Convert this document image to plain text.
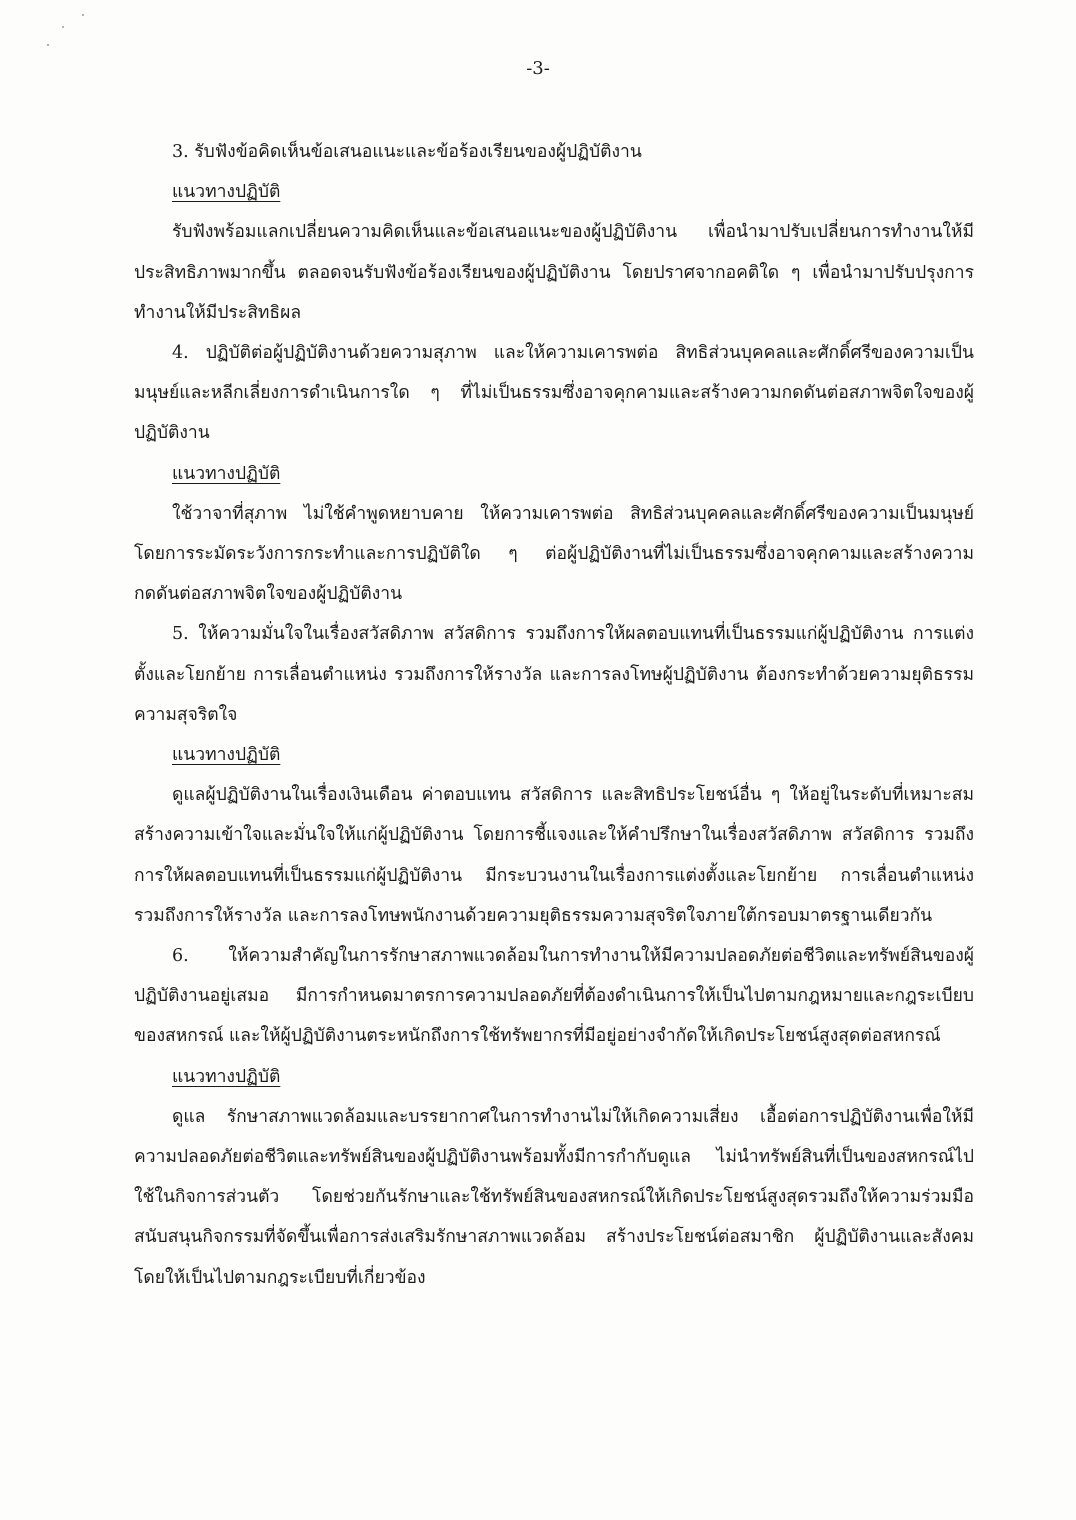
-3-

3. รับฟังข้อคิดเห็นข้อเสนอแนะและข้อร้องเรียนของผู้ปฏิบัติงาน

แนวทางปฏิบัติ

รับฟังพร้อมแลกเปลี่ยนความคิดเห็นและข้อเสนอแนะของผู้ปฏิบัติงาน เพื่อนำมาปรับเปลี่ยนการทำงานให้มีประสิทธิภาพมากขึ้น ตลอดจนรับฟังข้อร้องเรียนของผู้ปฏิบัติงาน โดยปราศจากอคติใด ๆ เพื่อนำมาปรับปรุงการทำงานให้มีประสิทธิผล

4. ปฏิบัติต่อผู้ปฏิบัติงานด้วยความสุภาพ และให้ความเคารพต่อ สิทธิส่วนบุคคลและศักดิ์ศรีของความเป็นมนุษย์และหลีกเลี่ยงการดำเนินการใด ๆ ที่ไม่เป็นธรรมซึ่งอาจคุกคามและสร้างความกดดันต่อสภาพจิตใจของผู้ปฏิบัติงาน

แนวทางปฏิบัติ

ใช้วาจาที่สุภาพ ไม่ใช้คำพูดหยาบคาย ให้ความเคารพต่อ สิทธิส่วนบุคคลและศักดิ์ศรีของความเป็นมนุษย์ โดยการระมัดระวังการกระทำและการปฏิบัติใด ๆ ต่อผู้ปฏิบัติงานที่ไม่เป็นธรรมซึ่งอาจคุกคามและสร้างความกดดันต่อสภาพจิตใจของผู้ปฏิบัติงาน

5. ให้ความมั่นใจในเรื่องสวัสดิภาพ สวัสดิการ รวมถึงการให้ผลตอบแทนที่เป็นธรรมแก่ผู้ปฏิบัติงาน การแต่งตั้งและโยกย้าย การเลื่อนตำแหน่ง รวมถึงการให้รางวัล และการลงโทษผู้ปฏิบัติงาน ต้องกระทำด้วยความยุติธรรม ความสุจริตใจ

แนวทางปฏิบัติ

ดูแลผู้ปฏิบัติงานในเรื่องเงินเดือน ค่าตอบแทน สวัสดิการ และสิทธิประโยชน์อื่น ๆ ให้อยู่ในระดับที่เหมาะสม สร้างความเข้าใจและมั่นใจให้แก่ผู้ปฏิบัติงาน โดยการชี้แจงและให้คำปรึกษาในเรื่องสวัสดิภาพ สวัสดิการ รวมถึงการให้ผลตอบแทนที่เป็นธรรมแก่ผู้ปฏิบัติงาน มีกระบวนงานในเรื่องการแต่งตั้งและโยกย้าย การเลื่อนตำแหน่ง รวมถึงการให้รางวัล และการลงโทษพนักงานด้วยความยุติธรรมความสุจริตใจภายใต้กรอบมาตรฐานเดียวกัน

6. ให้ความสำคัญในการรักษาสภาพแวดล้อมในการทำงานให้มีความปลอดภัยต่อชีวิตและทรัพย์สินของผู้ปฏิบัติงานอยู่เสมอ มีการกำหนดมาตรการความปลอดภัยที่ต้องดำเนินการให้เป็นไปตามกฎหมายและกฎระเบียบของสหกรณ์ และให้ผู้ปฏิบัติงานตระหนักถึงการใช้ทรัพยากรที่มีอยู่อย่างจำกัดให้เกิดประโยชน์สูงสุดต่อสหกรณ์

แนวทางปฏิบัติ

ดูแล รักษาสภาพแวดล้อมและบรรยากาศในการทำงานไม่ให้เกิดความเสี่ยง เอื้อต่อการปฏิบัติงานเพื่อให้มีความปลอดภัยต่อชีวิตและทรัพย์สินของผู้ปฏิบัติงานพร้อมทั้งมีการกำกับดูแล ไม่นำทรัพย์สินที่เป็นของสหกรณ์ไปใช้ในกิจการส่วนตัว โดยช่วยกันรักษาและใช้ทรัพย์สินของสหกรณ์ให้เกิดประโยชน์สูงสุดรวมถึงให้ความร่วมมือ สนับสนุนกิจกรรมที่จัดขึ้นเพื่อการส่งเสริมรักษาสภาพแวดล้อม สร้างประโยชน์ต่อสมาชิก ผู้ปฏิบัติงานและสังคม โดยให้เป็นไปตามกฎระเบียบที่เกี่ยวข้อง
